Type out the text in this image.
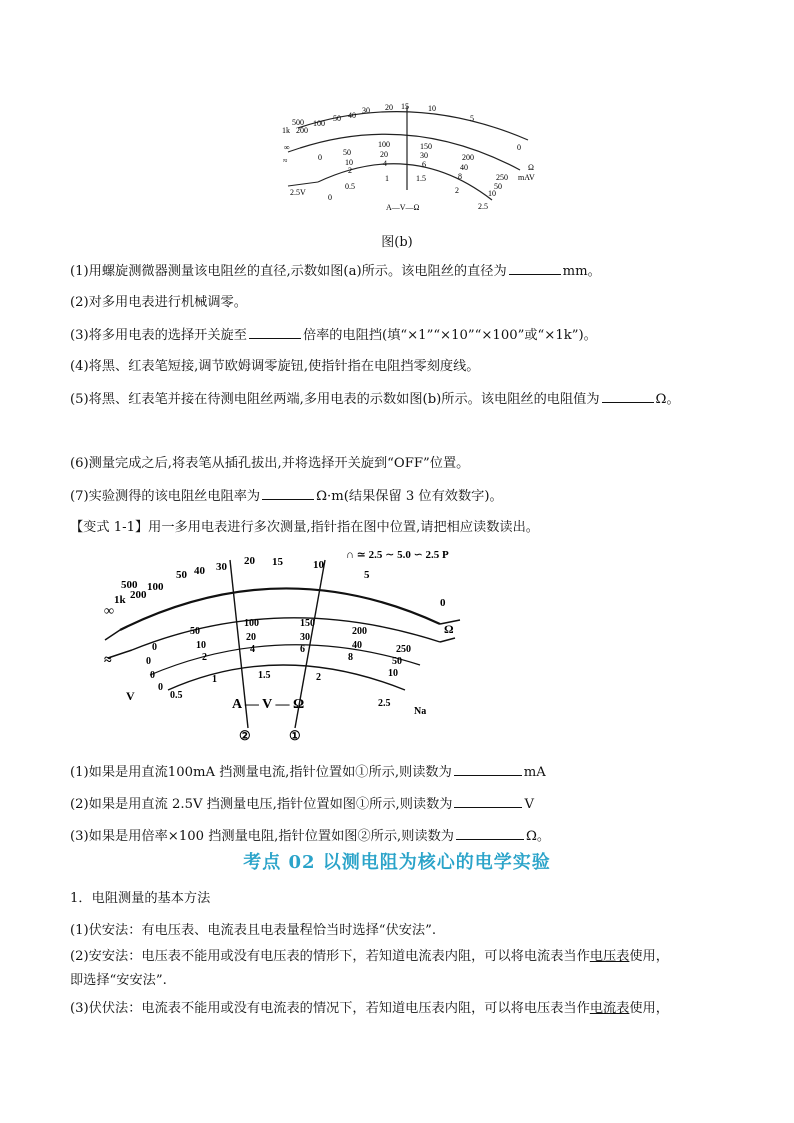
∞
1k
500
200
100
50 40
30 20 15 10
5
0
Ω
0
50
100	150
200
250
10
20	30
40
50
2
4	6
8
10
mAV
0
0.5
1	1.5
2
2.5
≈
2.5V
A—V—Ω
图(b)
(1)用螺旋测微器测量该电阻丝的直径,示数如图(a)所示。该电阻丝的直径为	mm。
(2)对多用电表进行机械调零。
(3)将多用电表的选择开关旋至	倍率的电阻挡(填“×1”“×10”“×100”或“×1k”)。
(4)将黑、红表笔短接,调节欧姆调零旋钮,使指针指在电阻挡零刻度线。
(5)将黑、红表笔并接在待测电阻丝两端,多用电表的示数如图(b)所示。该电阻丝的电阻值为	Ω。
(6)测量完成之后,将表笔从插孔拔出,并将选择开关旋到“OFF”位置。
(7)实验测得的该电阻丝电阻率为	Ω·m(结果保留 3 位有效数字)。
【变式 1-1】用一多用电表进行多次测量,指针指在图中位置,请把相应读数读出。
∩ ≃ 2.5 ∼ 5.0 ∽ 2.5 P
∞
1k
500
200
100
50 40 30 20 15	10
5
0
Ω
0
50
100	150
200
250
0
10
20	30
40
50
0
2
4	6
8
10
0
0.5
1	1.5	2
2.5
≈
V
A — V — Ω	Na
②	①
(1)如果是用直流100mA 挡测量电流,指针位置如①所示,则读数为	mA
(2)如果是用直流 2.5V 挡测量电压,指针位置如图①所示,则读数为	V
(3)如果是用倍率×100 挡测量电阻,指针位置如图②所示,则读数为	Ω。
考点 02 以测电阻为核心的电学实验
1．电阻测量的基本方法
(1)伏安法：有电压表、电流表且电表量程恰当时选择“伏安法”.
(2)安安法：电压表不能用或没有电压表的情形下，若知道电流表内阻，可以将电流表当作电压表使用，
即选择“安安法”.
(3)伏伏法：电流表不能用或没有电流表的情况下，若知道电压表内阻，可以将电压表当作电流表使用，
